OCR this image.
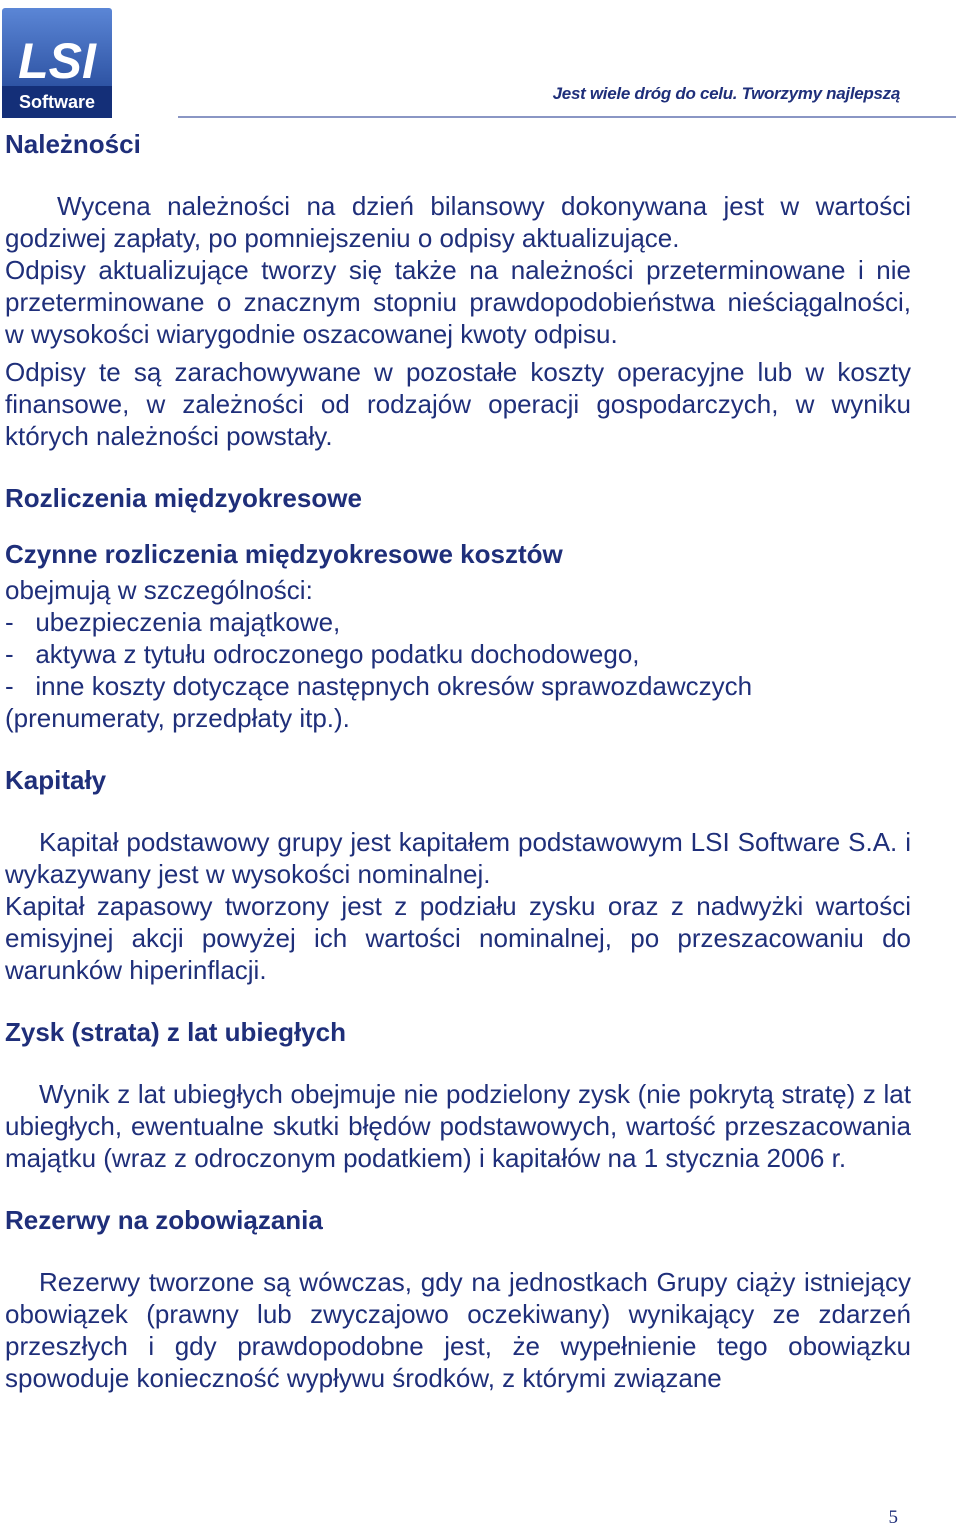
LSI
Software	Jest wiele dróg do celu. Tworzymy najlepszą
Należności

Wycena należności na dzień bilansowy dokonywana jest w wartości godziwej zapłaty, po pomniejszeniu o odpisy aktualizujące.

Odpisy aktualizujące tworzy się także na należności przeterminowane i nie przeterminowane o znacznym stopniu prawdopodobieństwa nieściągalności, w wysokości wiarygodnie oszacowanej kwoty odpisu.

Odpisy te są zarachowywane w pozostałe koszty operacyjne lub w koszty finansowe, w zależności od rodzajów operacji gospodarczych, w wyniku których należności powstały.

Rozliczenia międzyokresowe
Czynne rozliczenia międzyokresowe kosztów

obejmują w szczególności:

-   ubezpieczenia majątkowe,
-   aktywa z tytułu odroczonego podatku dochodowego,
-   inne koszty dotyczące następnych okresów sprawozdawczych

(prenumeraty, przedpłaty itp.).

Kapitały

Kapitał podstawowy grupy jest kapitałem podstawowym LSI Software S.A. i wykazywany jest w wysokości nominalnej.

Kapitał zapasowy tworzony jest z podziału zysku oraz z nadwyżki wartości emisyjnej akcji powyżej ich wartości nominalnej, po przeszacowaniu do warunków hiperinflacji.

Zysk (strata) z lat ubiegłych

Wynik z lat ubiegłych obejmuje nie podzielony zysk (nie pokrytą stratę) z lat ubiegłych, ewentualne skutki błędów podstawowych, wartość przeszacowania majątku (wraz z odroczonym podatkiem) i kapitałów na 1 stycznia 2006 r.

Rezerwy na zobowiązania

Rezerwy tworzone są wówczas, gdy na jednostkach Grupy ciąży istniejący obowiązek (prawny lub zwyczajowo oczekiwany) wynikający ze zdarzeń przeszłych i gdy prawdopodobne jest, że wypełnienie tego obowiązku spowoduje konieczność wypływu środków, z którymi związane

5
